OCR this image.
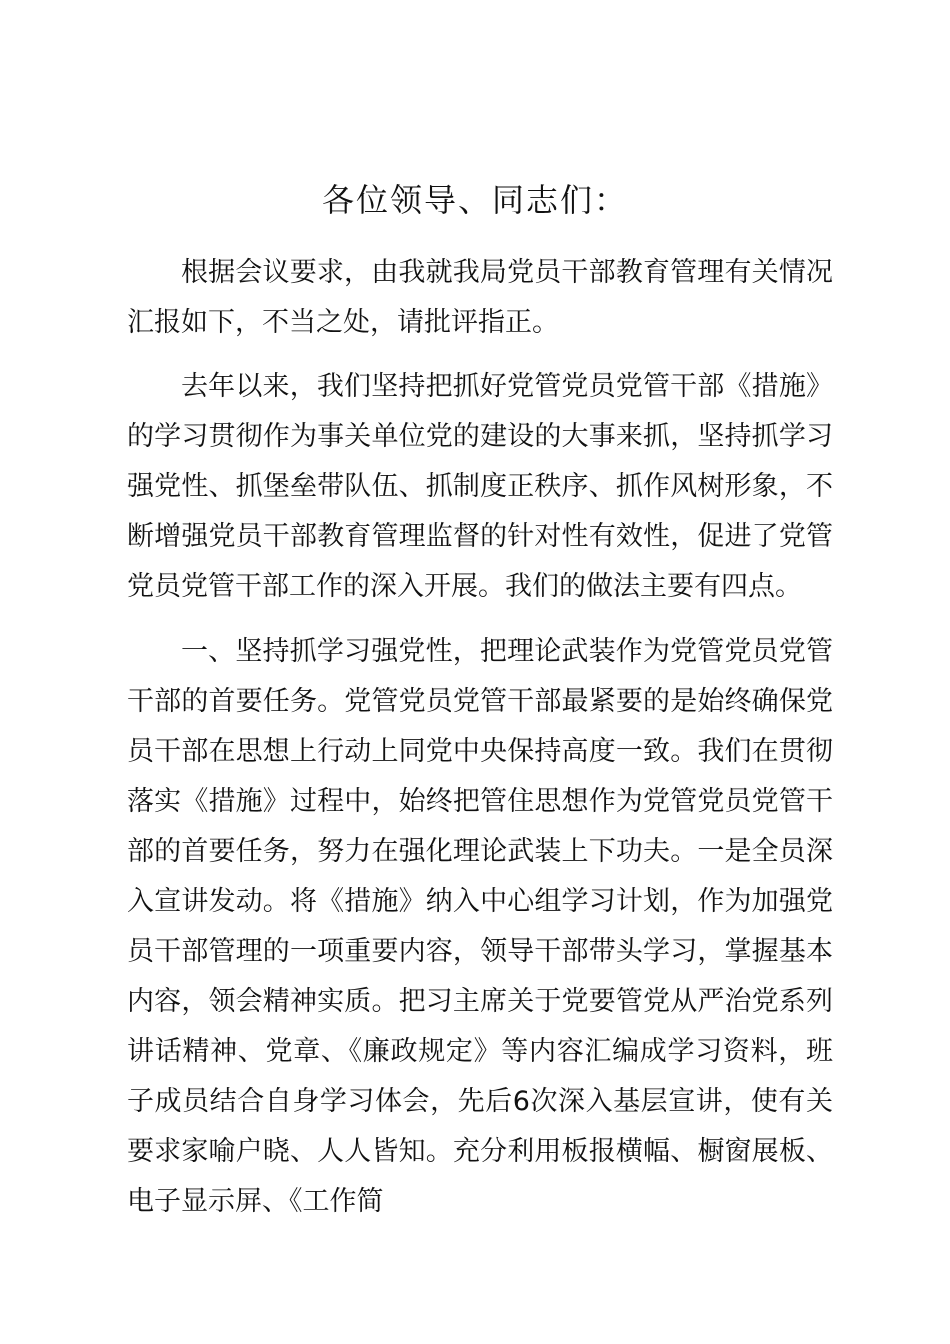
各位领导、同志们：

根据会议要求，由我就我局党员干部教育管理有关情况汇报如下，不当之处，请批评指正。

去年以来，我们坚持把抓好党管党员党管干部《措施》的学习贯彻作为事关单位党的建设的大事来抓，坚持抓学习强党性、抓堡垒带队伍、抓制度正秩序、抓作风树形象，不断增强党员干部教育管理监督的针对性有效性，促进了党管党员党管干部工作的深入开展。我们的做法主要有四点。

一、坚持抓学习强党性，把理论武装作为党管党员党管干部的首要任务。党管党员党管干部最紧要的是始终确保党员干部在思想上行动上同党中央保持高度一致。我们在贯彻落实《措施》过程中，始终把管住思想作为党管党员党管干部的首要任务，努力在强化理论武装上下功夫。一是全员深入宣讲发动。将《措施》纳入中心组学习计划，作为加强党员干部管理的一项重要内容，领导干部带头学习，掌握基本内容，领会精神实质。把习主席关于党要管党从严治党系列讲话精神、党章、《廉政规定》等内容汇编成学习资料，班子成员结合自身学习体会，先后6次深入基层宣讲，使有关要求家喻户晓、人人皆知。充分利用板报横幅、橱窗展板、电子显示屏、《工作简
